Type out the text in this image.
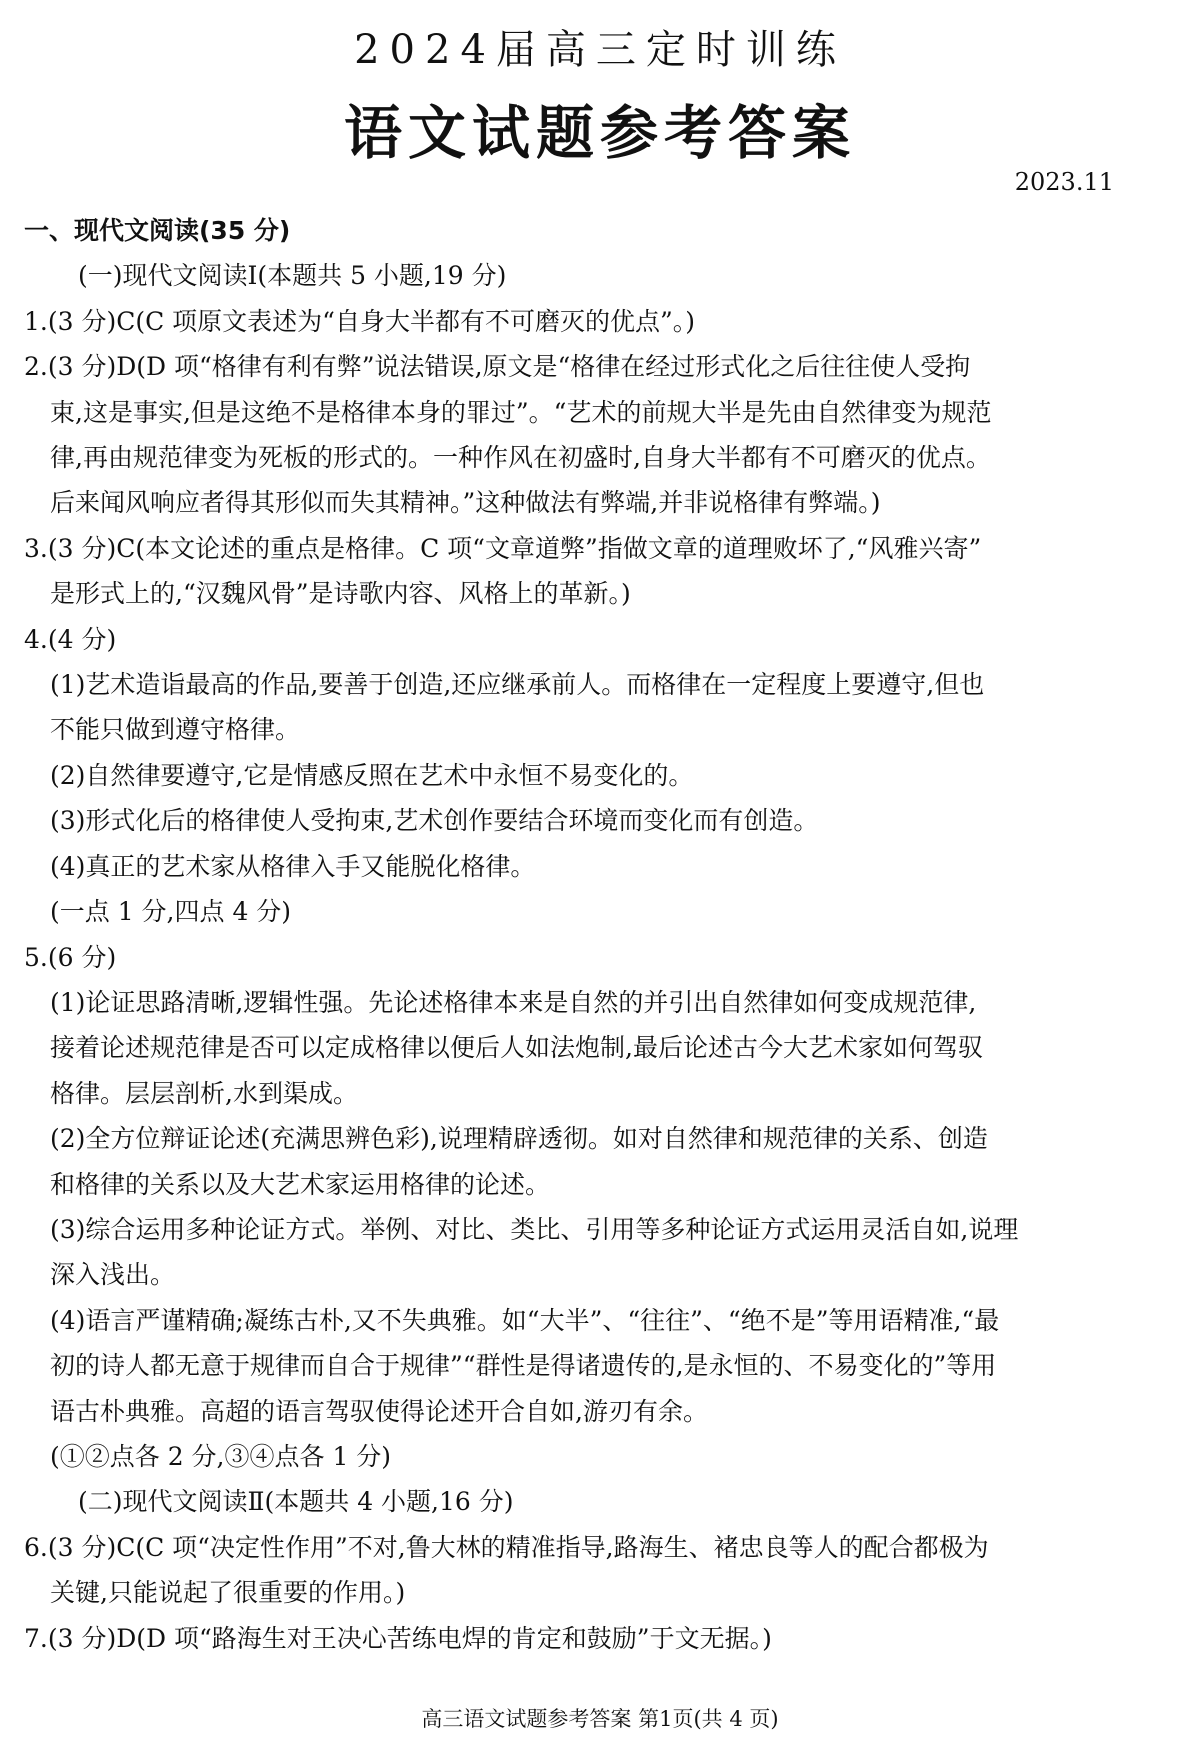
2024届高三定时训练
语文试题参考答案
2023.11
一、现代文阅读(35 分)
(一)现代文阅读Ⅰ(本题共 5 小题,19 分)
1.(3 分)C(C 项原文表述为“自身大半都有不可磨灭的优点”。)
2.(3 分)D(D 项“格律有利有弊”说法错误,原文是“格律在经过形式化之后往往使人受拘
束,这是事实,但是这绝不是格律本身的罪过”。“艺术的前规大半是先由自然律变为规范
律,再由规范律变为死板的形式的。一种作风在初盛时,自身大半都有不可磨灭的优点。
后来闻风响应者得其形似而失其精神。”这种做法有弊端,并非说格律有弊端。)
3.(3 分)C(本文论述的重点是格律。C 项“文章道弊”指做文章的道理败坏了,“风雅兴寄”
是形式上的,“汉魏风骨”是诗歌内容、风格上的革新。)
4.(4 分)
(1)艺术造诣最高的作品,要善于创造,还应继承前人。而格律在一定程度上要遵守,但也
不能只做到遵守格律。
(2)自然律要遵守,它是情感反照在艺术中永恒不易变化的。
(3)形式化后的格律使人受拘束,艺术创作要结合环境而变化而有创造。
(4)真正的艺术家从格律入手又能脱化格律。
(一点 1 分,四点 4 分)
5.(6 分)
(1)论证思路清晰,逻辑性强。先论述格律本来是自然的并引出自然律如何变成规范律,
接着论述规范律是否可以定成格律以便后人如法炮制,最后论述古今大艺术家如何驾驭
格律。层层剖析,水到渠成。
(2)全方位辩证论述(充满思辨色彩),说理精辟透彻。如对自然律和规范律的关系、创造
和格律的关系以及大艺术家运用格律的论述。
(3)综合运用多种论证方式。举例、对比、类比、引用等多种论证方式运用灵活自如,说理
深入浅出。
(4)语言严谨精确;凝练古朴,又不失典雅。如“大半”、“往往”、“绝不是”等用语精准,“最
初的诗人都无意于规律而自合于规律”“群性是得诸遗传的,是永恒的、不易变化的”等用
语古朴典雅。高超的语言驾驭使得论述开合自如,游刃有余。
(①②点各 2 分,③④点各 1 分)
(二)现代文阅读Ⅱ(本题共 4 小题,16 分)
6.(3 分)C(C 项“决定性作用”不对,鲁大林的精准指导,路海生、褚忠良等人的配合都极为
关键,只能说起了很重要的作用。)
7.(3 分)D(D 项“路海生对王决心苦练电焊的肯定和鼓励”于文无据。)
高三语文试题参考答案 第1页(共 4 页)
